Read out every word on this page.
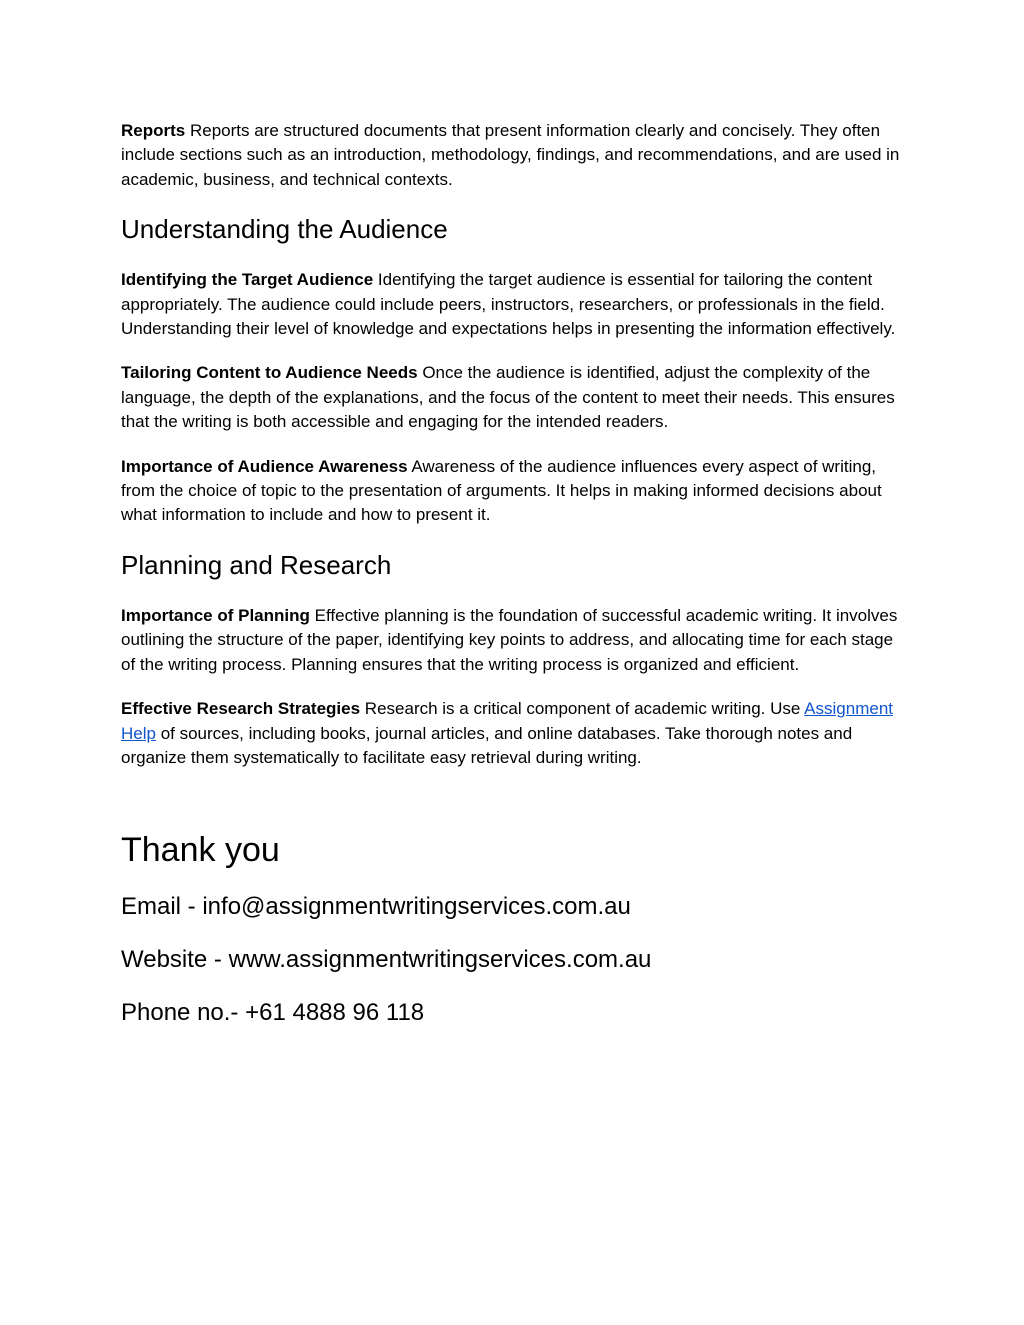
Reports Reports are structured documents that present information clearly and concisely. They often include sections such as an introduction, methodology, findings, and recommendations, and are used in academic, business, and technical contexts.

Understanding the Audience

Identifying the Target Audience Identifying the target audience is essential for tailoring the content appropriately. The audience could include peers, instructors, researchers, or professionals in the field. Understanding their level of knowledge and expectations helps in presenting the information effectively.

Tailoring Content to Audience Needs Once the audience is identified, adjust the complexity of the language, the depth of the explanations, and the focus of the content to meet their needs. This ensures that the writing is both accessible and engaging for the intended readers.

Importance of Audience Awareness Awareness of the audience influences every aspect of writing, from the choice of topic to the presentation of arguments. It helps in making informed decisions about what information to include and how to present it.

Planning and Research

Importance of Planning Effective planning is the foundation of successful academic writing. It involves outlining the structure of the paper, identifying key points to address, and allocating time for each stage of the writing process. Planning ensures that the writing process is organized and efficient.

Effective Research Strategies Research is a critical component of academic writing. Use Assignment Help of sources, including books, journal articles, and online databases. Take thorough notes and organize them systematically to facilitate easy retrieval during writing.

Thank you

Email - info@assignmentwritingservices.com.au

Website - www.assignmentwritingservices.com.au

Phone no.- +61 4888 96 118
